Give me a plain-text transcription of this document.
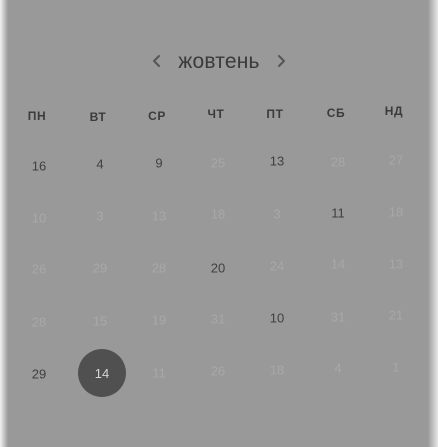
жовтень
ПН	ВТ	СР	ЧТ	ПТ	СБ	НД
16	4	9	25	13	28	27
10	3	13	18	3	11	18
26	29	28	20	24	14	13
28	15	19	31	10	31	21
29	14	11	26	18	4	1
